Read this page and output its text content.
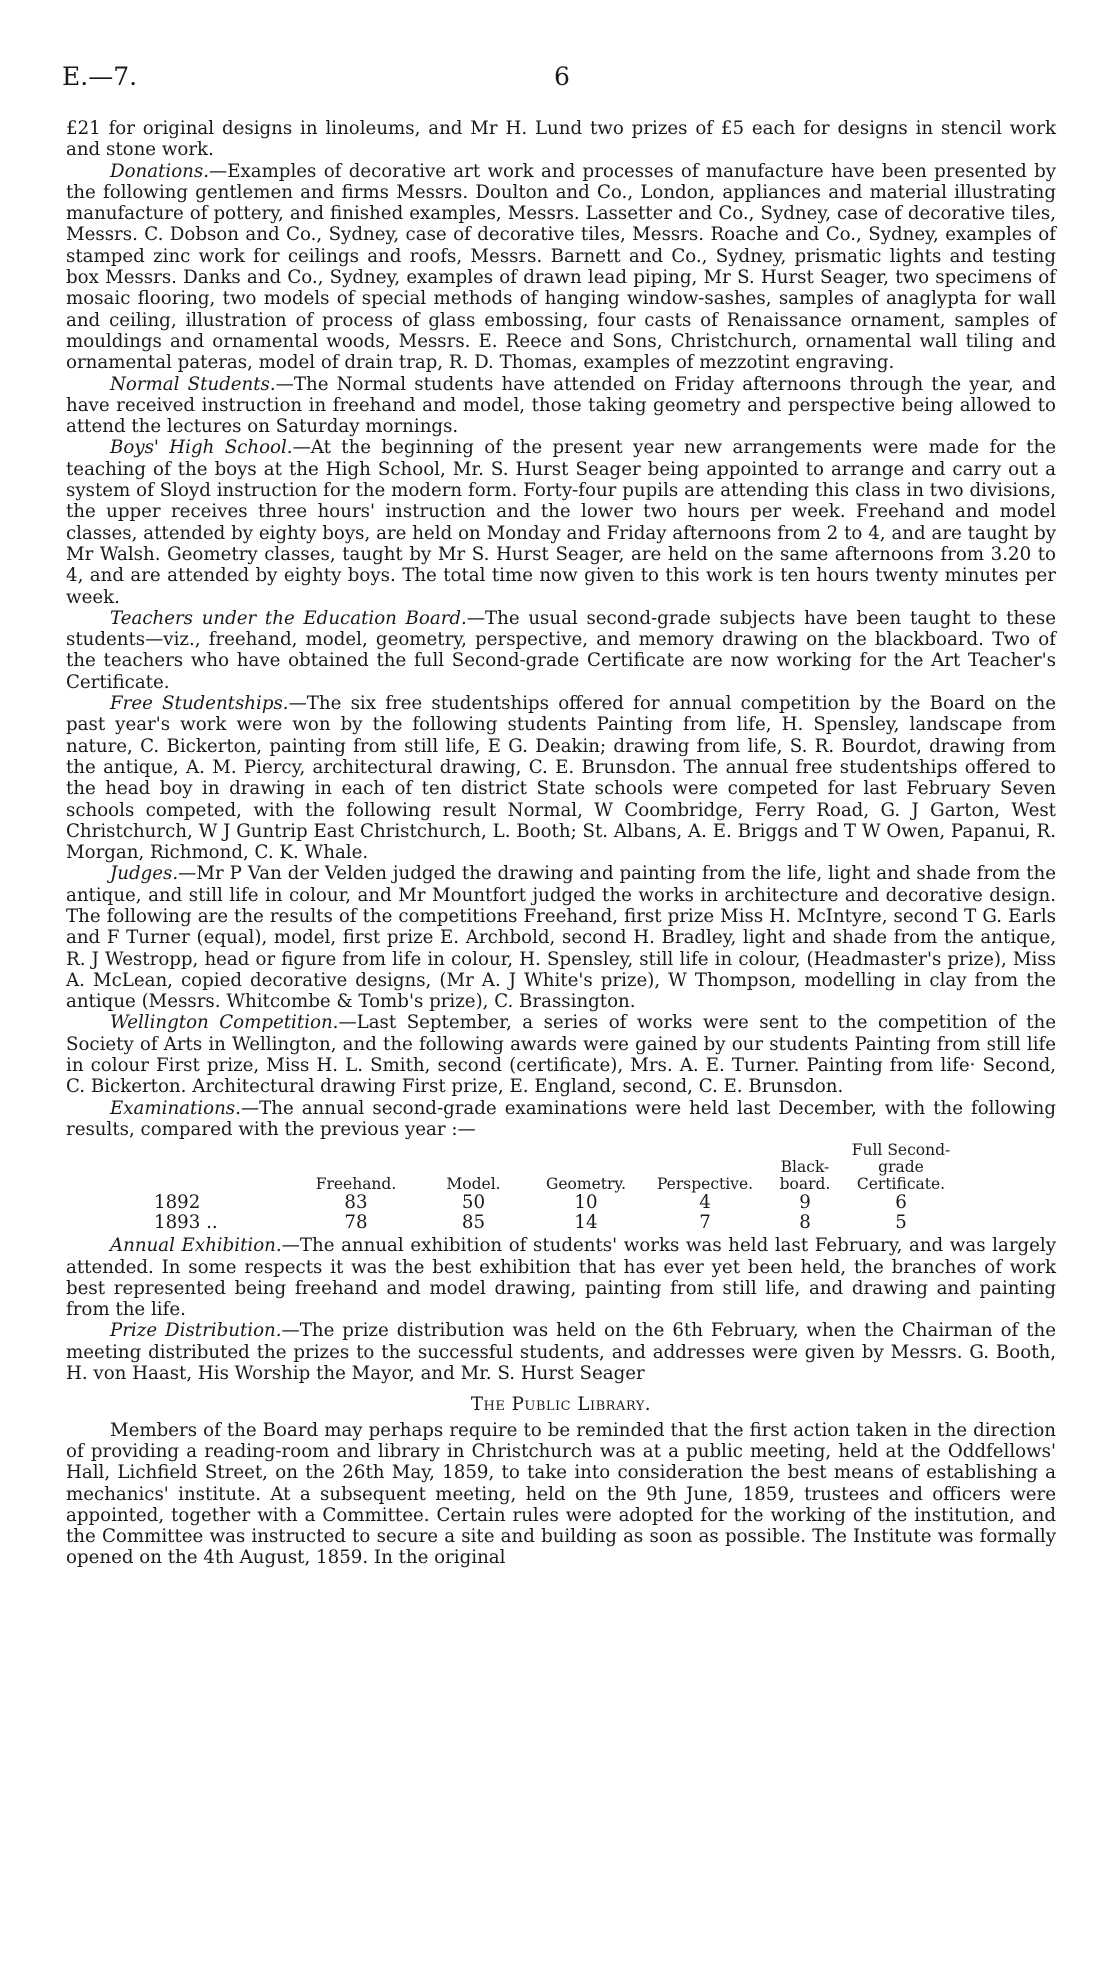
E.—7.	6

£21 for original designs in linoleums, and Mr H. Lund two prizes of £5 each for designs in stencil work and stone work.

Donations.—Examples of decorative art work and processes of manufacture have been presented by the following gentlemen and firms Messrs. Doulton and Co., London, appliances and material illustrating manufacture of pottery, and finished examples, Messrs. Lassetter and Co., Sydney, case of decorative tiles, Messrs. C. Dobson and Co., Sydney, case of decorative tiles, Messrs. Roache and Co., Sydney, examples of stamped zinc work for ceilings and roofs, Messrs. Barnett and Co., Sydney, prismatic lights and testing box Messrs. Danks and Co., Sydney, examples of drawn lead piping, Mr S. Hurst Seager, two specimens of mosaic flooring, two models of special methods of hanging window-sashes, samples of anaglypta for wall and ceiling, illustration of process of glass embossing, four casts of Renaissance ornament, samples of mouldings and ornamental woods, Messrs. E. Reece and Sons, Christchurch, ornamental wall tiling and ornamental pateras, model of drain trap, R. D. Thomas, examples of mezzotint engraving.

Normal Students.—The Normal students have attended on Friday afternoons through the year, and have received instruction in freehand and model, those taking geometry and perspective being allowed to attend the lectures on Saturday mornings.

Boys' High School.—At the beginning of the present year new arrangements were made for the teaching of the boys at the High School, Mr. S. Hurst Seager being appointed to arrange and carry out a system of Sloyd instruction for the modern form. Forty-four pupils are attending this class in two divisions, the upper receives three hours' instruction and the lower two hours per week. Freehand and model classes, attended by eighty boys, are held on Monday and Friday afternoons from 2 to 4, and are taught by Mr Walsh. Geometry classes, taught by Mr S. Hurst Seager, are held on the same afternoons from 3.20 to 4, and are attended by eighty boys. The total time now given to this work is ten hours twenty minutes per week.

Teachers under the Education Board.—The usual second-grade subjects have been taught to these students—viz., freehand, model, geometry, perspective, and memory drawing on the blackboard. Two of the teachers who have obtained the full Second-grade Certificate are now working for the Art Teacher's Certificate.

Free Studentships.—The six free studentships offered for annual competition by the Board on the past year's work were won by the following students Painting from life, H. Spensley, landscape from nature, C. Bickerton, painting from still life, E G. Deakin; drawing from life, S. R. Bourdot, drawing from the antique, A. M. Piercy, architectural drawing, C. E. Brunsdon. The annual free studentships offered to the head boy in drawing in each of ten district State schools were competed for last February Seven schools competed, with the following result Normal, W Coombridge, Ferry Road, G. J Garton, West Christchurch, W J Guntrip East Christchurch, L. Booth; St. Albans, A. E. Briggs and T W Owen, Papanui, R. Morgan, Richmond, C. K. Whale.

Judges.—Mr P Van der Velden judged the drawing and painting from the life, light and shade from the antique, and still life in colour, and Mr Mountfort judged the works in architecture and decorative design. The following are the results of the competitions Freehand, first prize Miss H. McIntyre, second T G. Earls and F Turner (equal), model, first prize E. Archbold, second H. Bradley, light and shade from the antique, R. J Westropp, head or figure from life in colour, H. Spensley, still life in colour, (Headmaster's prize), Miss A. McLean, copied decorative designs, (Mr A. J White's prize), W Thompson, modelling in clay from the antique (Messrs. Whitcombe & Tomb's prize), C. Brassington.

Wellington Competition.—Last September, a series of works were sent to the competition of the Society of Arts in Wellington, and the following awards were gained by our students Painting from still life in colour First prize, Miss H. L. Smith, second (certificate), Mrs. A. E. Turner. Painting from life· Second, C. Bickerton. Architectural drawing First prize, E. England, second, C. E. Brunsdon.

Examinations.—The annual second-grade examinations were held last December, with the following results, compared with the previous year :—

	Freehand.	Model.	Geometry.	Perspective.	Black-board.	Full Second-grade Certificate.	
1892	83	50	10	4	9	6	
1893 ..	78	85	14	7	8	5	

Annual Exhibition.—The annual exhibition of students' works was held last February, and was largely attended. In some respects it was the best exhibition that has ever yet been held, the branches of work best represented being freehand and model drawing, painting from still life, and drawing and painting from the life.

Prize Distribution.—The prize distribution was held on the 6th February, when the Chairman of the meeting distributed the prizes to the successful students, and addresses were given by Messrs. G. Booth, H. von Haast, His Worship the Mayor, and Mr. S. Hurst Seager

The Public Library.

Members of the Board may perhaps require to be reminded that the first action taken in the direction of providing a reading-room and library in Christchurch was at a public meeting, held at the Oddfellows' Hall, Lichfield Street, on the 26th May, 1859, to take into consideration the best means of establishing a mechanics' institute. At a subsequent meeting, held on the 9th June, 1859, trustees and officers were appointed, together with a Committee. Certain rules were adopted for the working of the institution, and the Committee was instructed to secure a site and building as soon as possible. The Institute was formally opened on the 4th August, 1859. In the original
